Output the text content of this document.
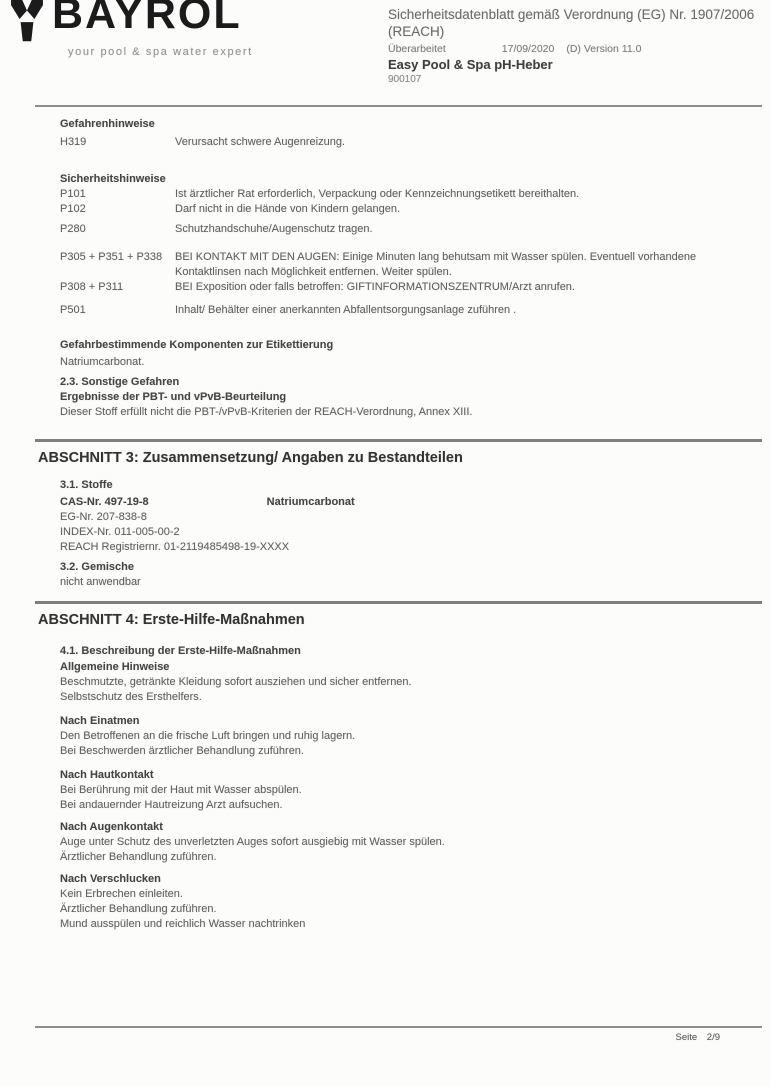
BAYROL
your pool & spa water expert
Sicherheitsdatenblatt gemäß Verordnung (EG) Nr. 1907/2006 (REACH)
Überarbeitet	17/09/2020 (D) Version 11.0
Easy Pool & Spa pH-Heber
900107
Gefahrenhinweise
H319	Verursacht schwere Augenreizung.
Sicherheitshinweise
P101	Ist ärztlicher Rat erforderlich, Verpackung oder Kennzeichnungsetikett bereithalten.
P102	Darf nicht in die Hände von Kindern gelangen.
P280	Schutzhandschuhe/Augenschutz tragen.
P305 + P351 + P338	BEI KONTAKT MIT DEN AUGEN: Einige Minuten lang behutsam mit Wasser spülen. Eventuell vorhandene Kontaktlinsen nach Möglichkeit entfernen. Weiter spülen.
P308 + P311	BEI Exposition oder falls betroffen: GIFTINFORMATIONSZENTRUM/Arzt anrufen.
P501	Inhalt/ Behälter einer anerkannten Abfallentsorgungsanlage zuführen .
Gefahrbestimmende Komponenten zur Etikettierung
Natriumcarbonat.
2.3. Sonstige Gefahren
Ergebnisse der PBT- und vPvB-Beurteilung
Dieser Stoff erfüllt nicht die PBT-/vPvB-Kriterien der REACH-Verordnung, Annex XIII.
ABSCHNITT 3: Zusammensetzung/ Angaben zu Bestandteilen
3.1. Stoffe
CAS-Nr. 497-19-8	Natriumcarbonat
EG-Nr. 207-838-8
INDEX-Nr. 011-005-00-2
REACH Registriernr. 01-2119485498-19-XXXX
3.2. Gemische
nicht anwendbar
ABSCHNITT 4: Erste-Hilfe-Maßnahmen
4.1. Beschreibung der Erste-Hilfe-Maßnahmen
Allgemeine Hinweise
Beschmutzte, getränkte Kleidung sofort ausziehen und sicher entfernen.
Selbstschutz des Ersthelfers.
Nach Einatmen
Den Betroffenen an die frische Luft bringen und ruhig lagern.
Bei Beschwerden ärztlicher Behandlung zuführen.
Nach Hautkontakt
Bei Berührung mit der Haut mit Wasser abspülen.
Bei andauernder Hautreizung Arzt aufsuchen.
Nach Augenkontakt
Auge unter Schutz des unverletzten Auges sofort ausgiebig mit Wasser spülen.
Ärztlicher Behandlung zuführen.
Nach Verschlucken
Kein Erbrechen einleiten.
Ärztlicher Behandlung zuführen.
Mund ausspülen und reichlich Wasser nachtrinken
Seite 2/9
